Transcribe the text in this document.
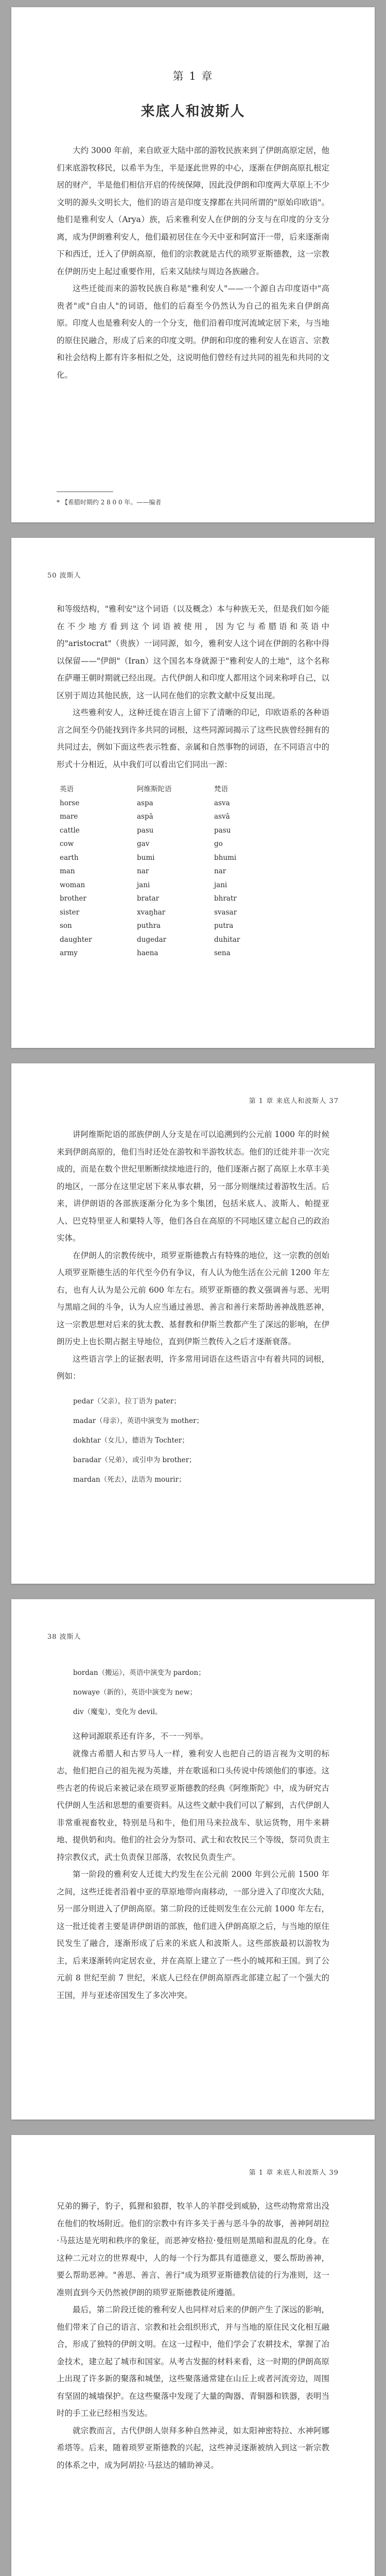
第 1 章
来底人和波斯人

大约 3000 年前，来自欧亚大陆中部的游牧民族来到了伊朗高原定居，他们来底游牧移民，以希半为生，半是逐此世界的中心，逐渐在伊朗高原扎根定居的财产，半是他们相信开启的传统保障，因此没伊朗和印度两大草原上不少文明的源头文明长大，他们的语言是印度支撑都在共同所谓的"原始印欧语"。他们是雅利安人（Arya）族，后来雅利安人在伊朗的分支与在印度的分支分离，成为伊朗雅利安人，他们最初居住在今天中亚和阿富汗一带，后来逐渐南下和西迁，迁入了伊朗高原，他们的宗教就是古代的琐罗亚斯德教，这一宗教在伊朗历史上起过重要作用，后来又陆续与周边各族融合。

这些迁徙而来的游牧民族自称是"雅利安人"——一个源自古印度语中"高贵者"或"自由人"的词语，他们的后裔至今仍然认为自己的祖先来自伊朗高原。印度人也是雅利安人的一个分支，他们沿着印度河流域定居下来，与当地的原住民融合，形成了后来的印度文明。伊朗和印度的雅利安人在语言、宗教和社会结构上都有许多相似之处，这说明他们曾经有过共同的祖先和共同的文化。

* 【希腊时期约 2 8 0 0 年。——编者
50 波斯人

和等级结构，"雅利安"这个词语（以及概念）本与种族无关，但是我们如今能在不少地方看到这个词语被使用，因为它与希腊语和英语中的"aristocrat"（贵族）一词同源，如今，雅利安人这个词在伊朗的名称中得以保留——"伊朗"（Iran）这个国名本身就源于"雅利安人的土地"，这个名称在萨珊王朝时期就已经出现。古代伊朗人和印度人都用这个词来称呼自己，以区别于周边其他民族，这一认同在他们的宗教文献中反复出现。

这些雅利安人，这种迁徙在语言上留下了清晰的印记，印欧语系的各种语言之间至今仍能找到许多共同的词根，这些同源词揭示了这些民族曾经拥有的共同过去，例如下面这些表示牲畜、亲属和自然事物的词语，在不同语言中的形式十分相近，从中我们可以看出它们同出一源：

英语	阿维斯陀语	梵语
horse	aspa	asva
mare	aspā	asvā
cattle	pasu	pasu
cow	gav	go
earth	bumi	bhumi
man	nar	nar
woman	jani	jani
brother	bratar	bhratr
sister	xvaŋhar	svasar
son	puthra	putra
daughter	dugedar	duhitar
army	haena	sena
第 1 章 来底人和波斯人 37

讲阿维斯陀语的部族伊朗人分支是在可以追溯到约公元前 1000 年的时候来到伊朗高原的，他们当时还处在游牧和半游牧状态。他们的迁徙并非一次完成的，而是在数个世纪里断断续续地进行的，他们逐渐占据了高原上水草丰美的地区，一部分在这里定居下来从事农耕，另一部分则继续过着游牧生活。后来，讲伊朗语的各部族逐渐分化为多个集团，包括米底人、波斯人、帕提亚人、巴克特里亚人和粟特人等，他们各自在高原的不同地区建立起自己的政治实体。

在伊朗人的宗教传统中，琐罗亚斯德教占有特殊的地位，这一宗教的创始人琐罗亚斯德生活的年代至今仍有争议，有人认为他生活在公元前 1200 年左右，也有人认为是公元前 600 年左右。琐罗亚斯德的教义强调善与恶、光明与黑暗之间的斗争，认为人应当通过善思、善言和善行来帮助善神战胜恶神，这一宗教思想对后来的犹太教、基督教和伊斯兰教都产生了深远的影响，在伊朗历史上也长期占据主导地位，直到伊斯兰教传入之后才逐渐衰落。

这些语言学上的证据表明，许多常用词语在这些语言中有着共同的词根，例如：

pedar（父亲），拉丁语为 pater；
madar（母亲），英语中演变为 mother；
dokhtar（女儿），德语为 Tochter；
baradar（兄弟），或引申为 brother；
mardan（死去），法语为 mourir；
38 波斯人
bordan（搬运），英语中演变为 pardon；
nowaye（新的），英语中演变为 new；
div（魔鬼），变化为 devil。

这种词源联系还有许多，不一一列举。

就像古希腊人和古罗马人一样，雅利安人也把自己的语言视为文明的标志，他们把自己的祖先视为英雄，并在歌谣和口头传说中传颂他们的事迹。这些古老的传说后来被记录在琐罗亚斯德教的经典《阿维斯陀》中，成为研究古代伊朗人生活和思想的重要资料。从这些文献中我们可以了解到，古代伊朗人非常重视畜牧业，特别是马和牛，他们用马来拉战车、驮运货物，用牛来耕地、提供奶和肉。他们的社会分为祭司、武士和农牧民三个等级，祭司负责主持宗教仪式，武士负责保卫部落，农牧民负责生产。

第一阶段的雅利安人迁徙大约发生在公元前 2000 年到公元前 1500 年之间，这些迁徙者沿着中亚的草原地带向南移动，一部分进入了印度次大陆，另一部分则进入了伊朗高原。第二阶段的迁徙则发生在公元前 1000 年左右，这一批迁徙者主要是讲伊朗语的部族，他们进入伊朗高原之后，与当地的原住民发生了融合，逐渐形成了后来的米底人和波斯人。这些部族最初以游牧为主，后来逐渐转向定居农业，并在高原上建立了一些小的城邦和王国。到了公元前 8 世纪至前 7 世纪，米底人已经在伊朗高原西北部建立起了一个强大的王国，并与亚述帝国发生了多次冲突。

第 1 章 来底人和波斯人 39

兄弟的狮子，豹子，狐狸和狼群，牧羊人的羊群受到威胁，这些动物常常出没在他们的牧场附近。他们的宗教中有许多关于善与恶斗争的故事，善神阿胡拉·马兹达是光明和秩序的象征，而恶神安格拉·曼纽则是黑暗和混乱的化身。在这种二元对立的世界观中，人的每一个行为都具有道德意义，要么帮助善神，要么帮助恶神。"善思、善言、善行"成为琐罗亚斯德教信徒的行为准则，这一准则直到今天仍然被伊朗的琐罗亚斯德教徒所遵循。

最后，第二阶段迁徙的雅利安人也同样对后来的伊朗产生了深远的影响，他们带来了自己的语言、宗教和社会组织形式，并与当地的原住民文化相互融合，形成了独特的伊朗文明。在这一过程中，他们学会了农耕技术，掌握了冶金技术，建立起了城市和国家。从考古发掘的材料来看，这一时期的伊朗高原上出现了许多新的聚落和城堡，这些聚落通常建在山丘上或者河流旁边，周围有坚固的城墙保护。在这些聚落中发现了大量的陶器、青铜器和铁器，表明当时的手工业已经相当发达。

就宗教而言，古代伊朗人崇拜多种自然神灵，如太阳神密特拉、水神阿娜希塔等。后来，随着琐罗亚斯德教的兴起，这些神灵逐渐被纳入到这一新宗教的体系之中，成为阿胡拉·马兹达的辅助神灵。
